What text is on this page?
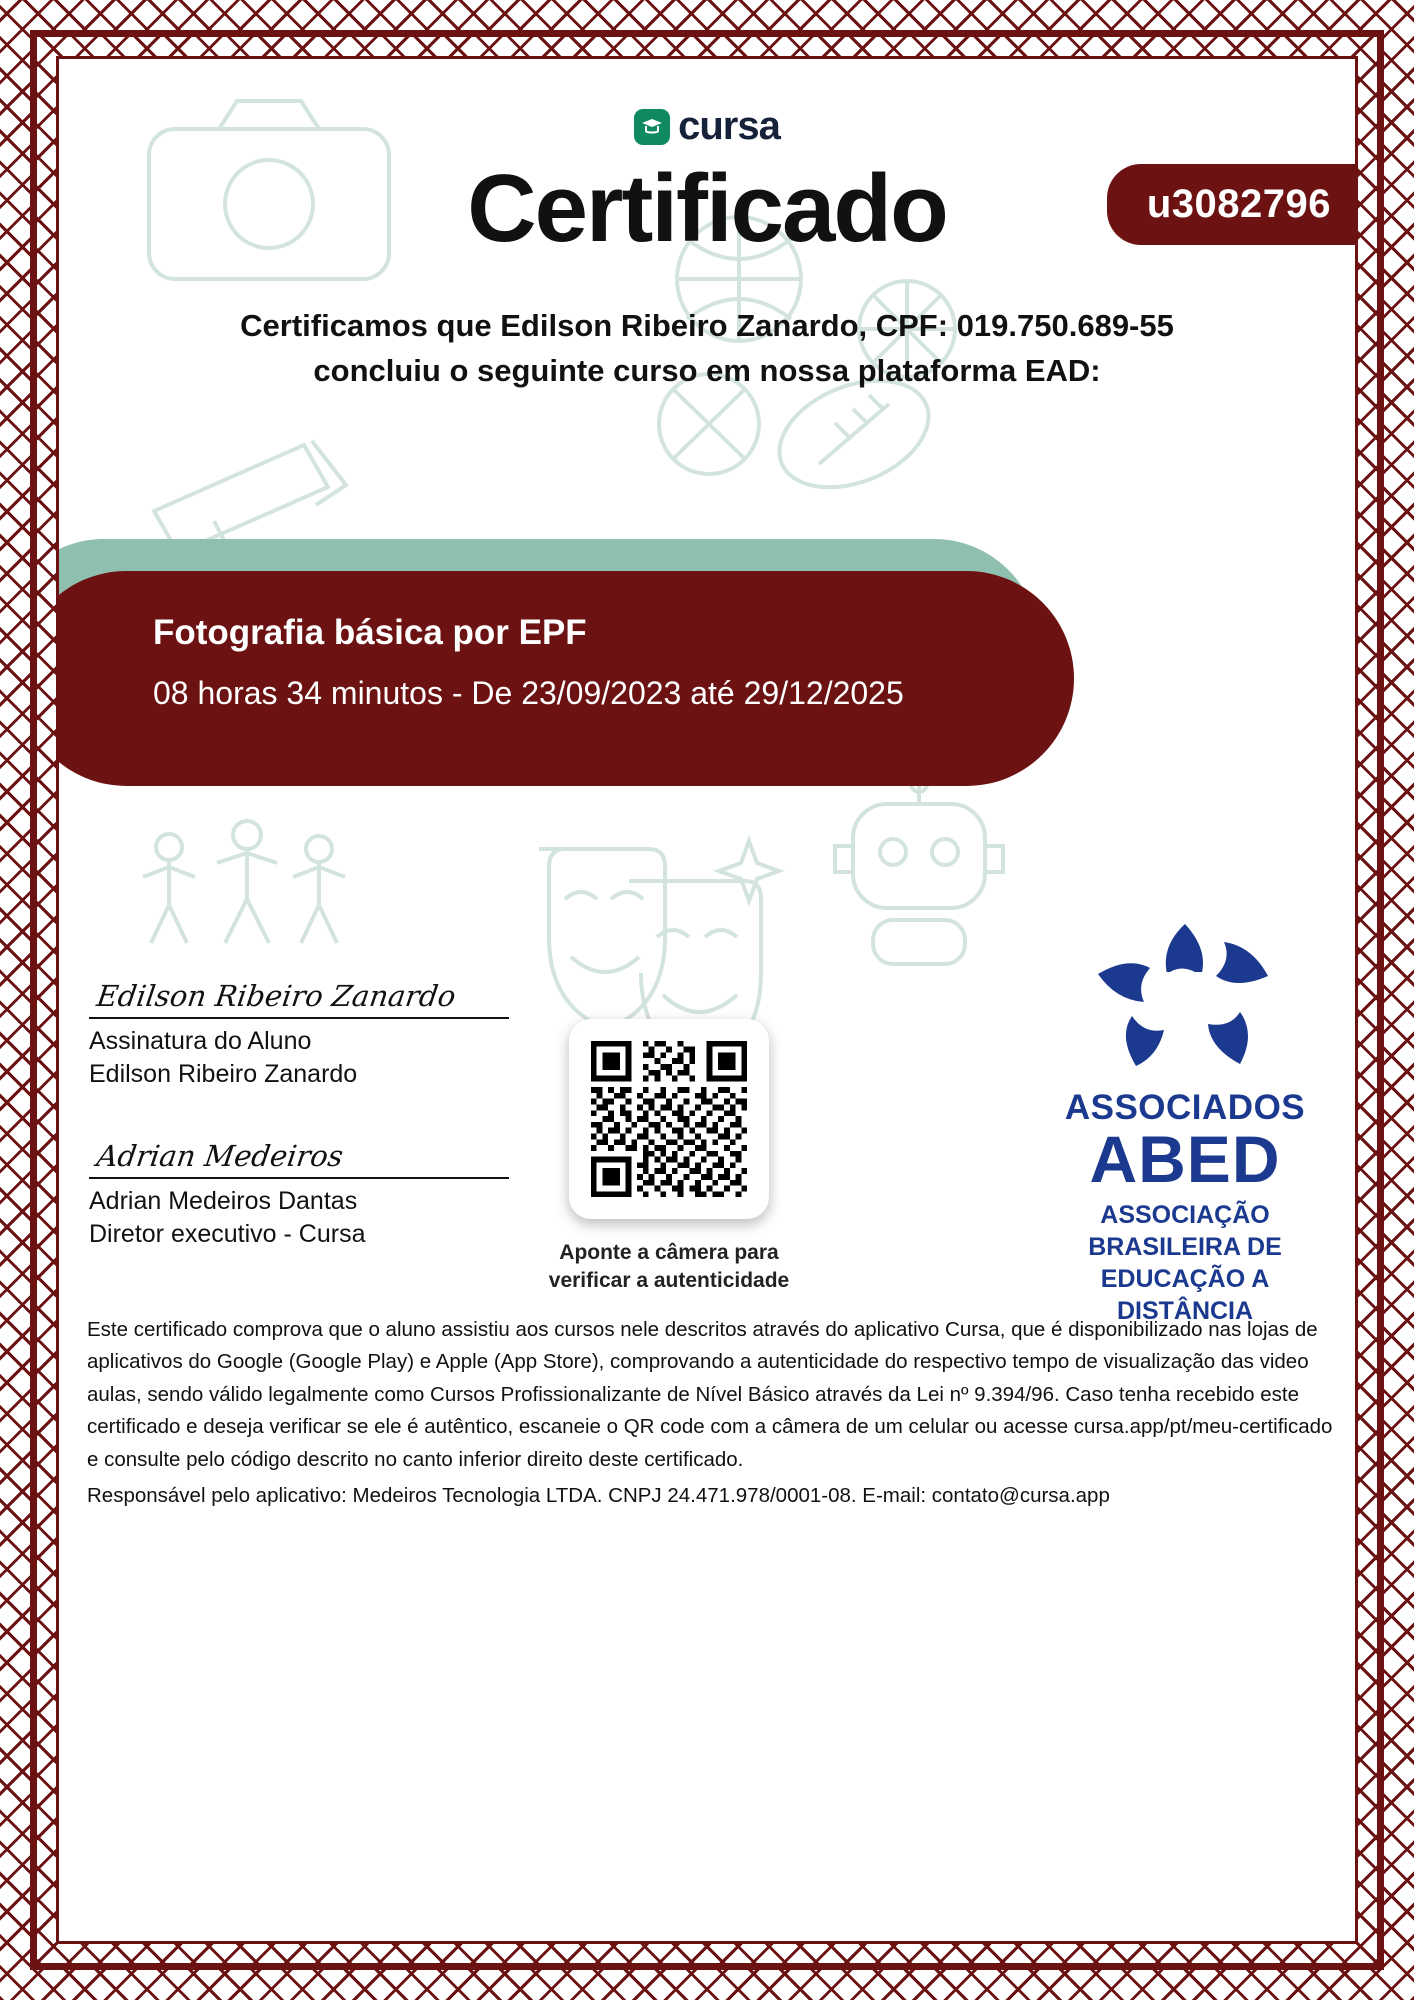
cursa
Certificado	u3082796
Certificamos que Edilson Ribeiro Zanardo, CPF: 019.750.689-55
concluiu o seguinte curso em nossa plataforma EAD:
Fotografia básica por EPF
08 horas 34 minutos - De 23/09/2023 até 29/12/2025
Edilson Ribeiro Zanardo
Assinatura do Aluno
Edilson Ribeiro Zanardo
Adrian Medeiros
Adrian Medeiros Dantas
Diretor executivo - Cursa
Aponte a câmera para
verificar a autenticidade
ASSOCIADOS
ABED
ASSOCIAÇÃO
BRASILEIRA DE
EDUCAÇÃO A
DISTÂNCIA

Este certificado comprova que o aluno assistiu aos cursos nele descritos através do aplicativo Cursa, que é disponibilizado nas lojas de aplicativos do Google (Google Play) e Apple (App Store), comprovando a autenticidade do respectivo tempo de visualização das video aulas, sendo válido legalmente como Cursos Profissionalizante de Nível Básico através da Lei nº 9.394/96. Caso tenha recebido este certificado e deseja verificar se ele é autêntico, escaneie o QR code com a câmera de um celular ou acesse cursa.app/pt/meu-certificado e consulte pelo código descrito no canto inferior direito deste certificado.

Responsável pelo aplicativo: Medeiros Tecnologia LTDA. CNPJ 24.471.978/0001-08. E-mail: contato@cursa.app
